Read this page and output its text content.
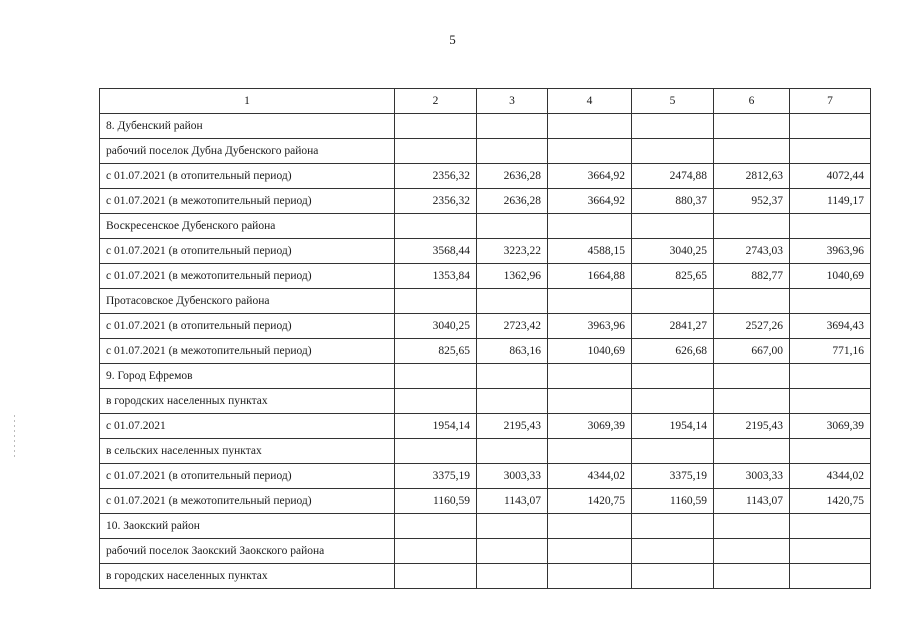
5
1	2	3	4	5	6	7
8. Дубенский район						
рабочий поселок Дубна Дубенского района						
с 01.07.2021 (в отопительный период)	2356,32	2636,28	3664,92	2474,88	2812,63	4072,44
с 01.07.2021 (в межотопительный период)	2356,32	2636,28	3664,92	880,37	952,37	1149,17
Воскресенское Дубенского района						
с 01.07.2021 (в отопительный период)	3568,44	3223,22	4588,15	3040,25	2743,03	3963,96
с 01.07.2021 (в межотопительный период)	1353,84	1362,96	1664,88	825,65	882,77	1040,69
Протасовское Дубенского района						
с 01.07.2021 (в отопительный период)	3040,25	2723,42	3963,96	2841,27	2527,26	3694,43
с 01.07.2021 (в межотопительный период)	825,65	863,16	1040,69	626,68	667,00	771,16
9. Город Ефремов						
в городских населенных пунктах						
с 01.07.2021	1954,14	2195,43	3069,39	1954,14	2195,43	3069,39
в сельских населенных пунктах						
с 01.07.2021 (в отопительный период)	3375,19	3003,33	4344,02	3375,19	3003,33	4344,02
с 01.07.2021 (в межотопительный период)	1160,59	1143,07	1420,75	1160,59	1143,07	1420,75
10. Заокский район						
рабочий поселок Заокский Заокского района						
в городских населенных пунктах						
